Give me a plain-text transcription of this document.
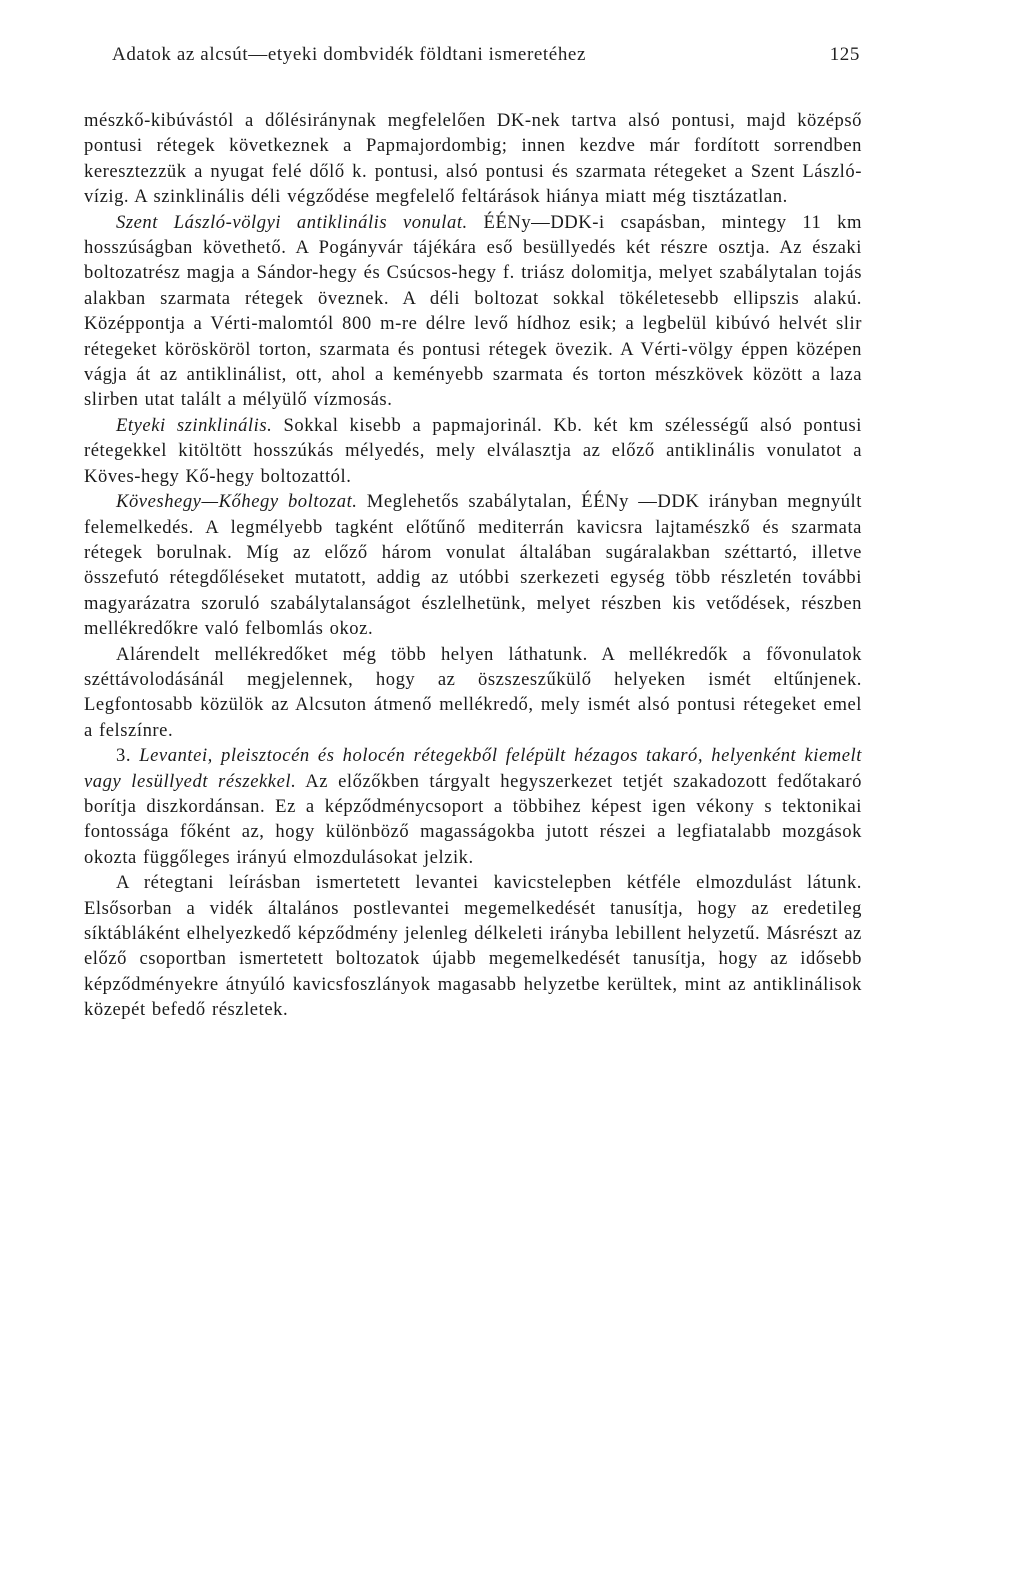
Adatok az alcsút—etyeki dombvidék földtani ismeretéhez	125

mészkő-kibúvástól a dőlésiránynak megfelelően DK-nek tartva alsó pontusi, majd középső pontusi rétegek következnek a Papmajordombig; innen kezdve már fordított sorrendben keresztezzük a nyugat felé dőlő k. pontusi, alsó pontusi és szarmata rétegeket a Szent László-vízig. A szinklinális déli végződése megfelelő feltárások hiánya miatt még tisztázatlan.

Szent László-völgyi antiklinális vonulat. ÉÉNy—DDK-i csapásban, mintegy 11 km hosszúságban követhető. A Pogányvár tájékára eső besüllyedés két részre osztja. Az északi boltozatrész magja a Sándor-hegy és Csúcsos-hegy f. triász dolomitja, melyet szabálytalan tojás alakban szarmata rétegek öveznek. A déli boltozat sokkal tökéletesebb ellipszis alakú. Középpontja a Vérti-malomtól 800 m-re délre levő hídhoz esik; a legbelül kibúvó helvét slir rétegeket körösköröl torton, szarmata és pontusi rétegek övezik. A Vérti-völgy éppen középen vágja át az antiklinálist, ott, ahol a keményebb szarmata és torton mészkövek között a laza slirben utat talált a mélyülő vízmosás.

Etyeki szinklinális. Sokkal kisebb a papmajorinál. Kb. két km szélességű alsó pontusi rétegekkel kitöltött hosszúkás mélyedés, mely elválasztja az előző antiklinális vonulatot a Köves-hegy Kő-hegy boltozattól.

Köveshegy—Kőhegy boltozat. Meglehetős szabálytalan, ÉÉNy —DDK irányban megnyúlt felemelkedés. A legmélyebb tagként előtűnő mediterrán kavicsra lajtamészkő és szarmata rétegek borulnak. Míg az előző három vonulat általában sugáralakban széttartó, illetve összefutó rétegdőléseket mutatott, addig az utóbbi szerkezeti egység több részletén további magyarázatra szoruló szabálytalanságot észlelhetünk, melyet részben kis vetődések, részben mellékredőkre való felbomlás okoz.

Alárendelt mellékredőket még több helyen láthatunk. A mellékredők a fővonulatok széttávolodásánál megjelennek, hogy az öszszeszűkülő helyeken ismét eltűnjenek. Legfontosabb közülök az Alcsuton átmenő mellékredő, mely ismét alsó pontusi rétegeket emel a felszínre.

3. Levantei, pleisztocén és holocén rétegekből felépült hézagos takaró, helyenként kiemelt vagy lesüllyedt részekkel. Az előzőkben tárgyalt hegyszerkezet tetjét szakadozott fedőtakaró borítja diszkordánsan. Ez a képződménycsoport a többihez képest igen vékony s tektonikai fontossága főként az, hogy különböző magasságokba jutott részei a legfiatalabb mozgások okozta függőleges irányú elmozdulásokat jelzik.

A rétegtani leírásban ismertetett levantei kavicstelepben kétféle elmozdulást látunk. Elsősorban a vidék általános postlevantei megemelkedését tanusítja, hogy az eredetileg síktábláként elhelyezkedő képződmény jelenleg délkeleti irányba lebillent helyzetű. Másrészt az előző csoportban ismertetett boltozatok újabb megemelkedését tanusítja, hogy az idősebb képződményekre átnyúló kavicsfoszlányok magasabb helyzetbe kerültek, mint az antiklinálisok közepét befedő részletek.
